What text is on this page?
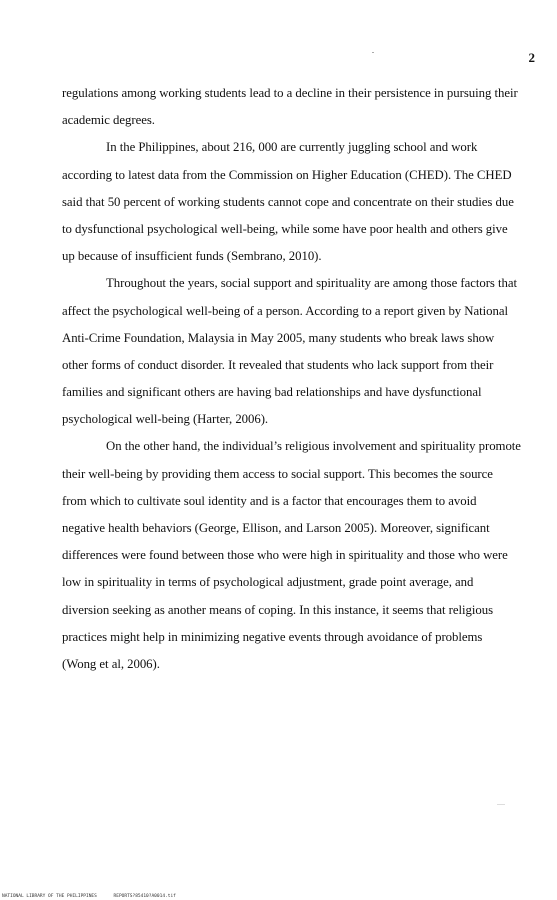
2
regulations among working students lead to a decline in their persistence in pursuing their
academic degrees.
In the Philippines, about 216, 000 are currently juggling school and work
according to latest data from the Commission on Higher Education (CHED). The CHED
said that 50 percent of working students cannot cope and concentrate on their studies due
to dysfunctional psychological well-being, while some have poor health and others give
up because of insufficient funds (Sembrano, 2010).
Throughout the years, social support and spirituality are among those factors that
affect the psychological well-being of a person. According to a report given by National
Anti-Crime Foundation, Malaysia in May 2005, many students who break laws show
other forms of conduct disorder. It revealed that students who lack support from their
families and significant others are having bad relationships and have dysfunctional
psychological well-being (Harter, 2006).
On the other hand, the individual’s religious involvement and spirituality promote
their well-being by providing them access to social support. This becomes the source
from which to cultivate soul identity and is a factor that encourages them to avoid
negative health behaviors (George, Ellison, and Larson 2005). Moreover, significant
differences were found between those who were high in spirituality and those who were
low in spirituality in terms of psychological adjustment, grade point average, and
diversion seeking as another means of coping. In this instance, it seems that religious
practices might help in minimizing negative events through avoidance of problems
(Wong et al, 2006).
NATIONAL LIBRARY OF THE PHILIPPINES	REPORTS?85410?A0014.tif
